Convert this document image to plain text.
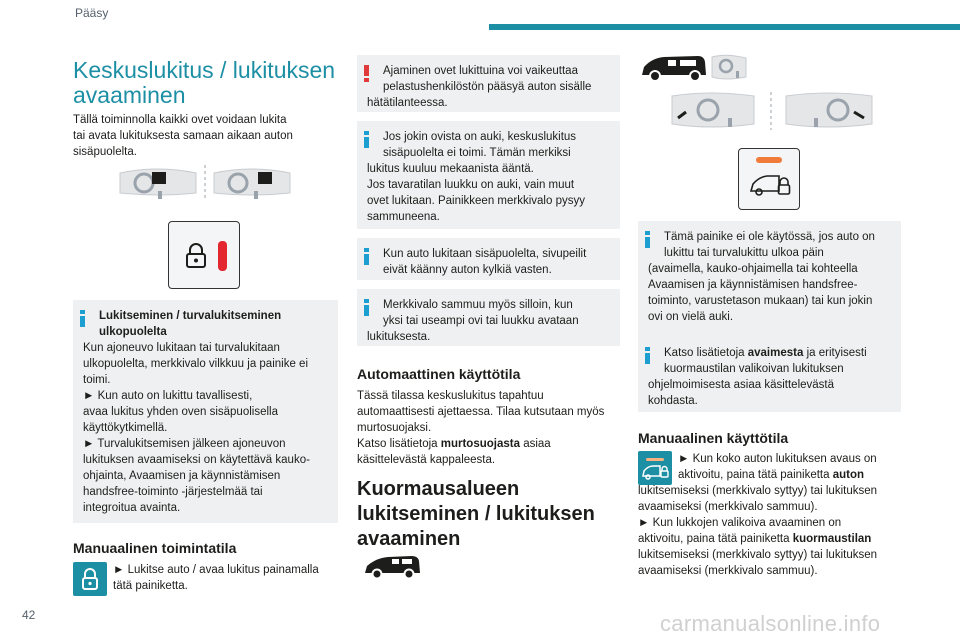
Pääsy
42	carmanualsonline.info
Keskuslukitus / lukituksen
avaaminen
Tällä toiminnolla kaikki ovet voidaan lukita
tai avata lukituksesta samaan aikaan auton
sisäpuolelta.
Lukitseminen / turvalukitseminen
ulkopuolelta
Kun ajoneuvo lukitaan tai turvalukitaan
ulkopuolelta, merkkivalo vilkkuu ja painike ei
toimi.
► Kun auto on lukittu tavallisesti,
avaa lukitus yhden oven sisäpuolisella
käyttökytkimellä.
► Turvalukitsemisen jälkeen ajoneuvon
lukituksen avaamiseksi on käytettävä kauko-
ohjainta, Avaamisen ja käynnistämisen
handsfree-toiminto -järjestelmää tai
integroitua avainta.
Manuaalinen toimintatila
► Lukitse auto / avaa lukitus painamalla
tätä painiketta.
Ajaminen ovet lukittuina voi vaikeuttaa
pelastushenkilöstön pääsyä auton sisälle
hätätilanteessa.
Jos jokin ovista on auki, keskuslukitus
sisäpuolelta ei toimi. Tämän merkiksi
lukitus kuuluu mekaanista ääntä.
Jos tavaratilan luukku on auki, vain muut
ovet lukitaan. Painikkeen merkkivalo pysyy
sammuneena.
Kun auto lukitaan sisäpuolelta, sivupeilit
eivät käänny auton kylkiä vasten.
Merkkivalo sammuu myös silloin, kun
yksi tai useampi ovi tai luukku avataan
lukituksesta.
Automaattinen käyttötila
Tässä tilassa keskuslukitus tapahtuu
automaattisesti ajettaessa. Tilaa kutsutaan myös
murtosuojaksi.
Katso lisätietoja murtosuojasta asiaa
käsittelevästä kappaleesta.
Kuormausalueen
lukitseminen / lukituksen
avaaminen
Tämä painike ei ole käytössä, jos auto on
lukittu tai turvalukittu ulkoa päin
(avaimella, kauko-ohjaimella tai kohteella
Avaamisen ja käynnistämisen handsfree-
toiminto, varustetason mukaan) tai kun jokin
ovi on vielä auki.
Katso lisätietoja avaimesta ja erityisesti
kuormaustilan valikoivan lukituksen
ohjelmoimisesta asiaa käsittelevästä
kohdasta.
Manuaalinen käyttötila
► Kun koko auton lukituksen avaus on
aktivoitu, paina tätä painiketta auton
lukitsemiseksi (merkkivalo syttyy) tai lukituksen
avaamiseksi (merkkivalo sammuu).
► Kun lukkojen valikoiva avaaminen on
aktivoitu, paina tätä painiketta kuormaustilan
lukitsemiseksi (merkkivalo syttyy) tai lukituksen
avaamiseksi (merkkivalo sammuu).
